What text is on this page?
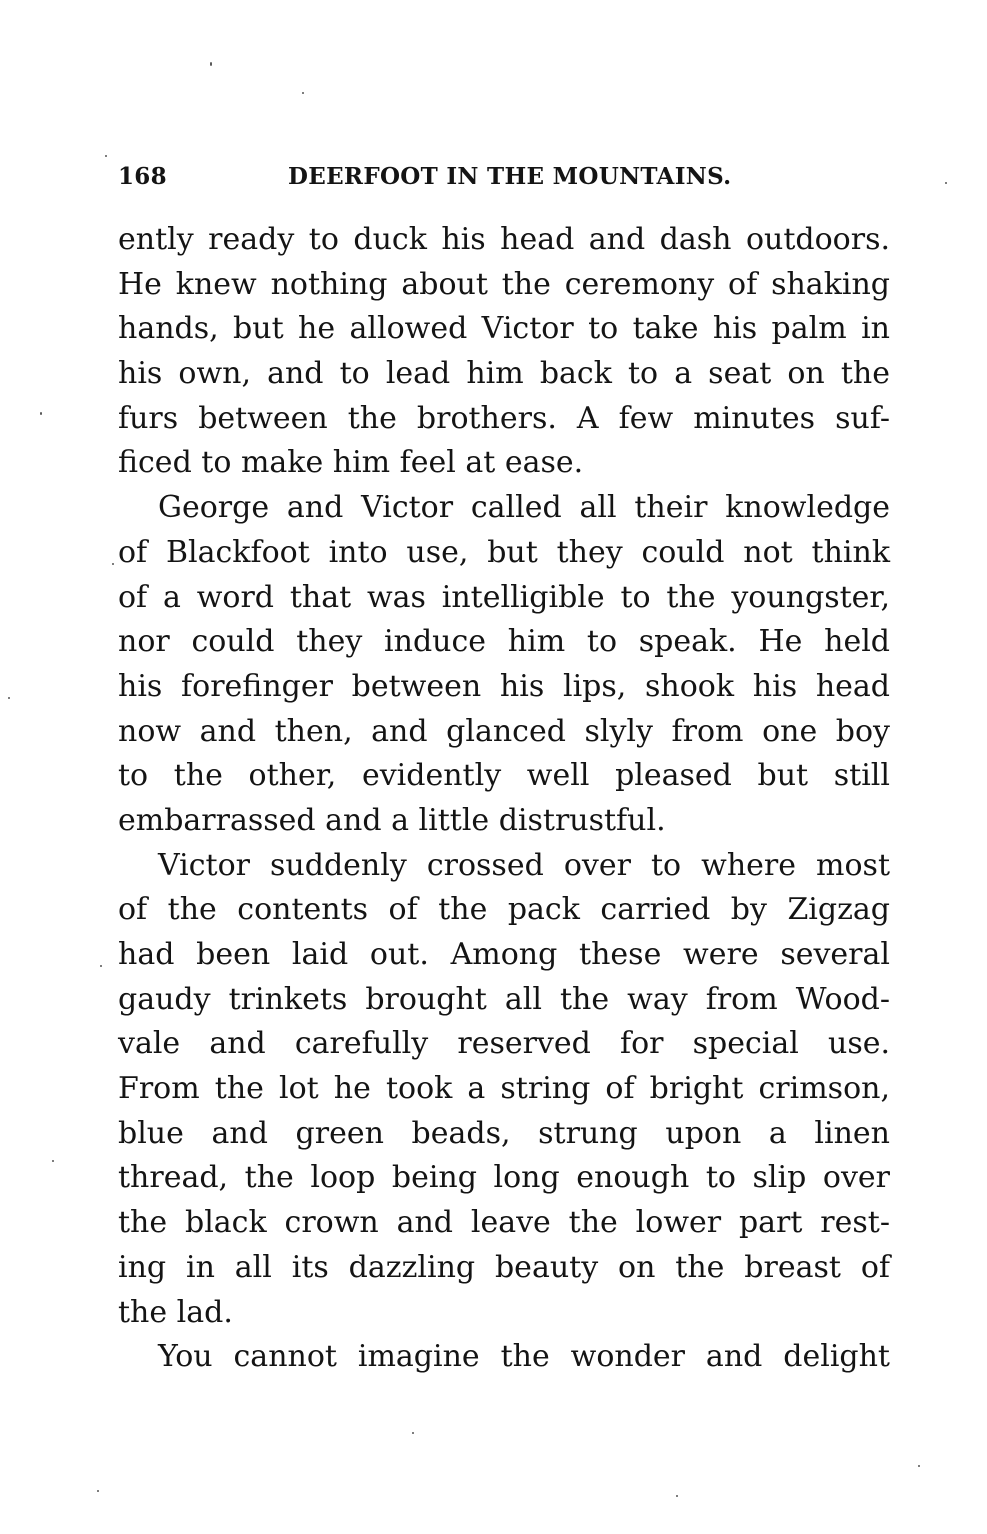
168	DEERFOOT IN THE MOUNTAINS.
ently ready to duck his head and dash outdoors.
He knew nothing about the ceremony of shaking
hands, but he allowed Victor to take his palm in
his own, and to lead him back to a seat on the
furs between the brothers. A few minutes suf-
ficed to make him feel at ease.
George and Victor called all their knowledge
of Blackfoot into use, but they could not think
of a word that was intelligible to the youngster,
nor could they induce him to speak. He held
his forefinger between his lips, shook his head
now and then, and glanced slyly from one boy
to the other, evidently well pleased but still
embarrassed and a little distrustful.
Victor suddenly crossed over to where most
of the contents of the pack carried by Zigzag
had been laid out. Among these were several
gaudy trinkets brought all the way from Wood-
vale and carefully reserved for special use.
From the lot he took a string of bright crimson,
blue and green beads, strung upon a linen
thread, the loop being long enough to slip over
the black crown and leave the lower part rest-
ing in all its dazzling beauty on the breast of
the lad.
You cannot imagine the wonder and delight
